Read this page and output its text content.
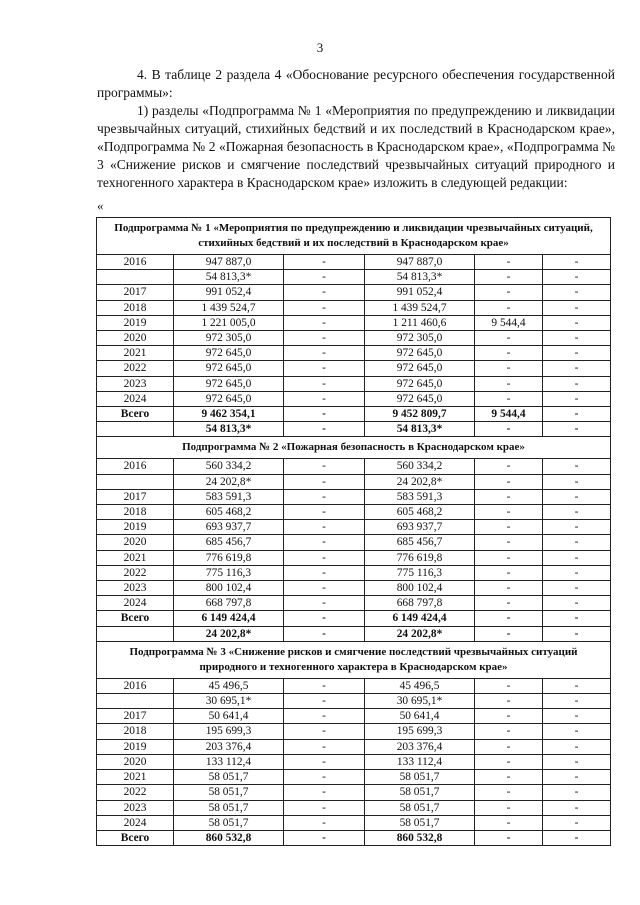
3

4. В таблице 2 раздела 4 «Обоснование ресурсного обеспечения государственной программы»:

1) разделы «Подпрограмма № 1 «Мероприятия по предупреждению и ликвидации чрезвычайных ситуаций, стихийных бедствий и их последствий в Краснодарском крае», «Подпрограмма № 2 «Пожарная безопасность в Краснодарском крае», «Подпрограмма № 3 «Снижение рисков и смягчение последствий чрезвычайных ситуаций природного и техногенного характера в Краснодарском крае» изложить в следующей редакции:

«
Подпрограмма № 1 «Мероприятия по предупреждению и ликвидации чрезвычайных ситуаций, стихийных бедствий и их последствий в Краснодарском крае»					
2016	947 887,0	-	947 887,0	-	-
	54 813,3*	-	54 813,3*	-	-
2017	991 052,4	-	991 052,4	-	-
2018	1 439 524,7	-	1 439 524,7	-	-
2019	1 221 005,0	-	1 211 460,6	9 544,4	-
2020	972 305,0	-	972 305,0	-	-
2021	972 645,0	-	972 645,0	-	-
2022	972 645,0	-	972 645,0	-	-
2023	972 645,0	-	972 645,0	-	-
2024	972 645,0	-	972 645,0	-	-
Всего	9 462 354,1	-	9 452 809,7	9 544,4	-
	54 813,3*	-	54 813,3*	-	-
Подпрограмма № 2 «Пожарная безопасность в Краснодарском крае»					
2016	560 334,2	-	560 334,2	-	-
	24 202,8*	-	24 202,8*	-	-
2017	583 591,3	-	583 591,3	-	-
2018	605 468,2	-	605 468,2	-	-
2019	693 937,7	-	693 937,7	-	-
2020	685 456,7	-	685 456,7	-	-
2021	776 619,8	-	776 619,8	-	-
2022	775 116,3	-	775 116,3	-	-
2023	800 102,4	-	800 102,4	-	-
2024	668 797,8	-	668 797,8	-	-
Всего	6 149 424,4	-	6 149 424,4	-	-
	24 202,8*	-	24 202,8*	-	-
Подпрограмма № 3 «Снижение рисков и смягчение последствий чрезвычайных ситуаций природного и техногенного характера в Краснодарском крае»					
2016	45 496,5	-	45 496,5	-	-
	30 695,1*	-	30 695,1*	-	-
2017	50 641,4	-	50 641,4	-	-
2018	195 699,3	-	195 699,3	-	-
2019	203 376,4	-	203 376,4	-	-
2020	133 112,4	-	133 112,4	-	-
2021	58 051,7	-	58 051,7	-	-
2022	58 051,7	-	58 051,7	-	-
2023	58 051,7	-	58 051,7	-	-
2024	58 051,7	-	58 051,7	-	-
Всего	860 532,8	-	860 532,8	-	-
